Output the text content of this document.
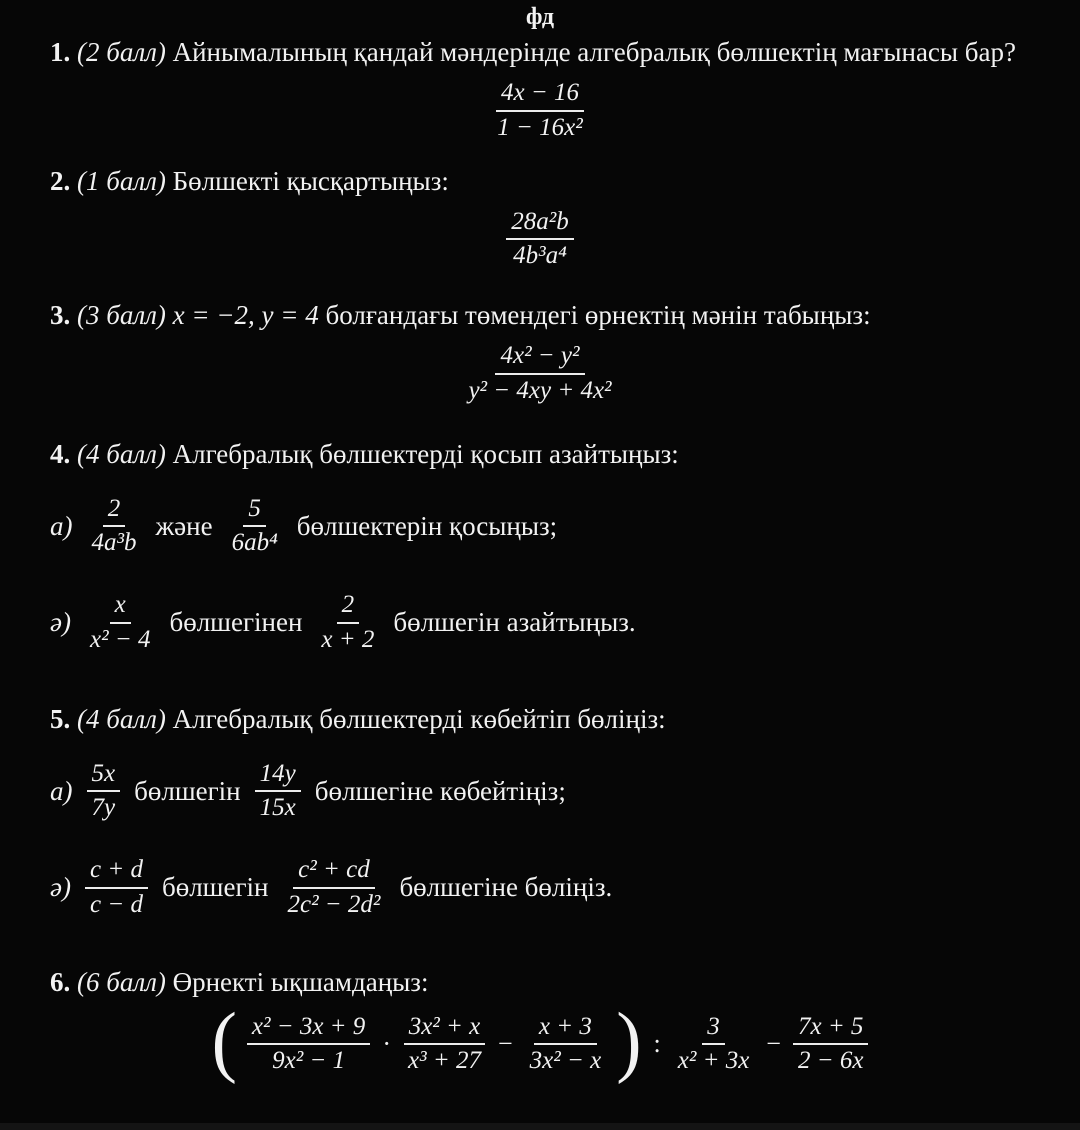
фд

1. (2 балл) Айнымалының қандай мәндерінде алгебралық бөлшектің мағынасы бар?

$\frac{4x - 16}{\text{1 − 16x²}}$

2. (1 балл) Бөлшекті қысқартыңыз:

$\frac{\text{28a²b}}{\text{4b³a⁴}}$

3. (3 балл) x = −2, y = 4 болғандағы төмендегі өрнектің мәнін табыңыз:

$\frac{\text{4x² − y²}}{\text{y² − 4xy + 4x²}}$

4. (4 балл) Алгебралық бөлшектерді қосып азайтыңыз:

$а) \frac{2}{\text{4a³b}}$ және $\frac{5}{\text{6ab⁴}}$ бөлшектерін қосыңыз;
$ә) \frac{x}{\text{x² − 4}}$ бөлшегінен $\frac{2}{x + 2}$ бөлшегін азайтыңыз.

5. (4 балл) Алгебралық бөлшектерді көбейтіп бөліңіз:

$а) \frac{5x}{7y}$ бөлшегін $\frac{14y}{15x}$ бөлшегіне көбейтіңіз;
$ә) \frac{c + d}{c - d}$ бөлшегін $\frac{\text{c² + cd}}{\text{2c² − 2d²}}$ бөлшегіне бөліңіз.

6. (6 балл) Өрнекті ықшамдаңыз:

( $\frac{\text{x² − 3x + 9}}{\text{9x² − 1}} \cdot \frac{\text{3x² + x}}{\text{x³ + 27}} - \frac{x + 3}{\text{3x² − x}}$ ) : $\frac{3}{\text{x² + 3x}} - \frac{7x + 5}{2 - 6x}$
